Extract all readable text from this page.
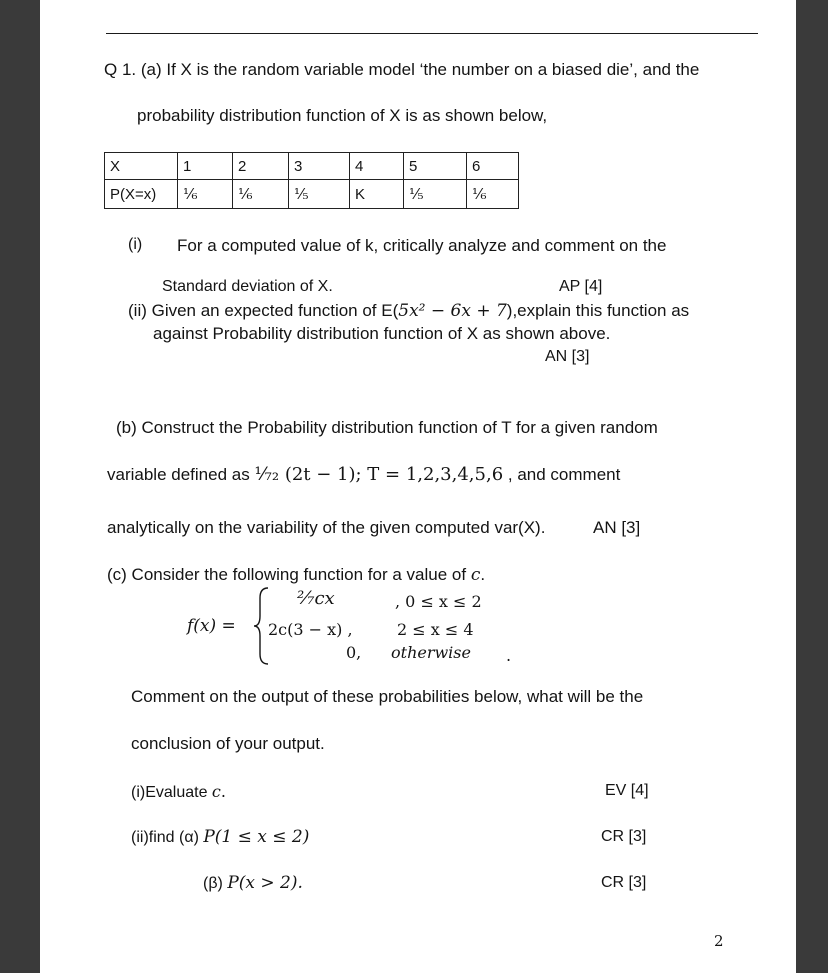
Q 1. (a) If X is the random variable model ‘the number on a biased die’, and the
probability distribution function of X is as shown below,
X	1	2	3	4	5	6
P(X=x)	¹⁄₆	¹⁄₆	¹⁄₅	K	¹⁄₅	¹⁄₆
(i) For a computed value of k, critically analyze and comment on the
Standard deviation of X.	AP [4]
(ii) Given an expected function of E(5x² − 6x + 7),explain this function as
against Probability distribution function of X as shown above.
AN [3]
(b) Construct the Probability distribution function of T for a given random
variable defined as ¹⁄₇₂ (2t − 1); T = 1,2,3,4,5,6 , and comment
analytically on the variability of the given computed var(X).	AN [3]
(c) Consider the following function for a value of c.
f(x) =
²⁄₇cx	, 0 ≤ x ≤ 2
2c(3 − x) ,	2 ≤ x ≤ 4
0, otherwise .
Comment on the output of these probabilities below, what will be the
conclusion of your output.
(i)Evaluate c.	EV [4]
(ii)find (α) P(1 ≤ x ≤ 2)	CR [3]
(β) P(x > 2).	CR [3]
2
